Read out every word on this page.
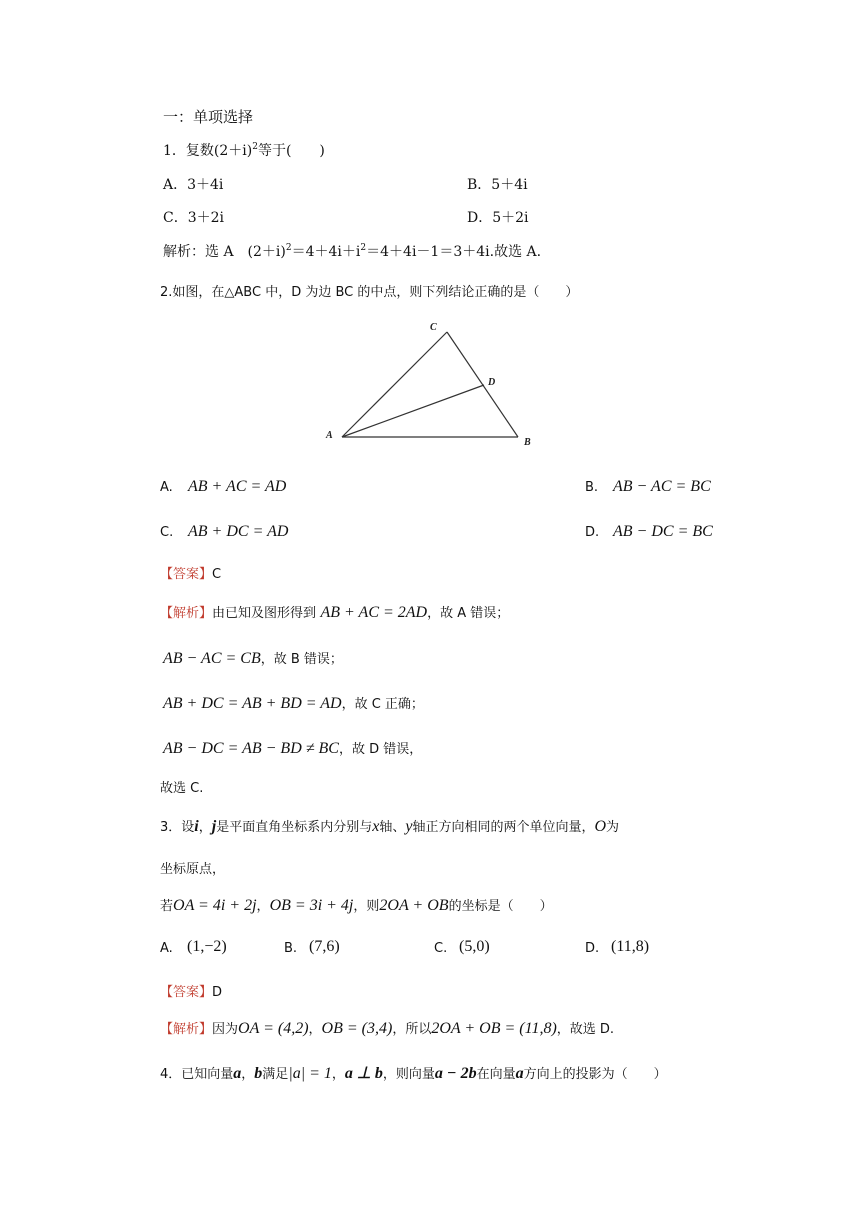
一：单项选择
1．复数$(2+i)^2$等于(　　)
A．3＋4i	B．5＋4i
C．3＋2i	D．5＋2i
解析：选 A　$(2+i)^2=4+4i+i^2=4+4i-1=3+4i$.故选 A.
2.如图，在△ABC 中，D 为边 BC 的中点，则下列结论正确的是（　　）
C
D
A
B
A. AB + AC = AD	B. AB − AC = BC
C. AB + DC = AD	D. AB − DC = BC
【答案】C
【解析】由已知及图形得到 AB + AC = 2AD，故 A 错误；
AB − AC = CB，故 B 错误；
AB + DC = AB + BD = AD，故 C 正确；
AB − DC = AB − BD ≠ BC，故 D 错误，
故选 C.
3．设i，j是平面直角坐标系内分别与x轴、y轴正方向相同的两个单位向量，O为
坐标原点，
若OA = 4i + 2j，OB = 3i + 4j，则2OA + OB的坐标是（　　）
A. (1,−2)	B. (7,6)	C. (5,0)	D. (11,8)
【答案】D
【解析】因为OA = (4,2)，OB = (3,4)，所以2OA + OB = (11,8)，故选 D.
4．已知向量a，b满足|a| = 1，a ⊥ b，则向量a − 2b在向量a方向上的投影为（　　）
